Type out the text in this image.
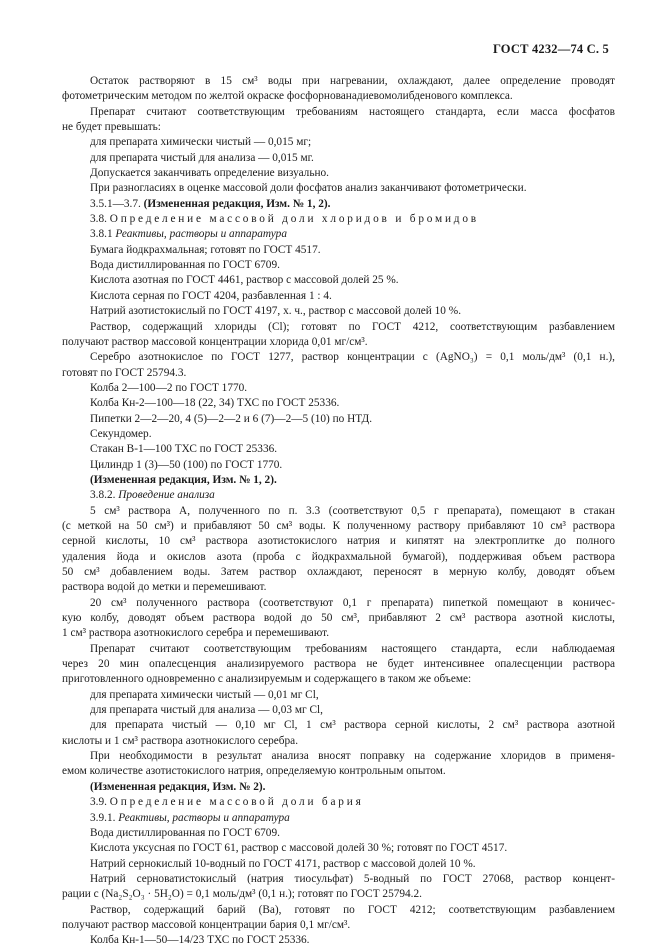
ГОСТ 4232—74 С. 5
Остаток растворяют в 15 см³ воды при нагревании, охлаждают, далее определение проводят
фотометрическим методом по желтой окраске фосфорнованадиевомолибденового комплекса.
Препарат считают соответствующим требованиям настоящего стандарта, если масса фосфатов
не будет превышать:
для препарата химически чистый — 0,015 мг;
для препарата чистый для анализа — 0,015 мг.
Допускается заканчивать определение визуально.
При разногласиях в оценке массовой доли фосфатов анализ заканчивают фотометрически.
3.5.1—3.7. (Измененная редакция, Изм. № 1, 2).
3.8. Определение массовой доли хлоридов и бромидов
3.8.1 Реактивы, растворы и аппаратура
Бумага йодкрахмальная; готовят по ГОСТ 4517.
Вода дистиллированная по ГОСТ 6709.
Кислота азотная по ГОСТ 4461, раствор с массовой долей 25 %.
Кислота серная по ГОСТ 4204, разбавленная 1 : 4.
Натрий азотистокислый по ГОСТ 4197, х. ч., раствор с массовой долей 10 %.
Раствор, содержащий хлориды (Cl); готовят по ГОСТ 4212, соответствующим разбавлением
получают раствор массовой концентрации хлорида 0,01 мг/см³.
Серебро азотнокислое по ГОСТ 1277, раствор концентрации с (AgNO₃) = 0,1 моль/дм³ (0,1 н.),
готовят по ГОСТ 25794.3.
Колба 2—100—2 по ГОСТ 1770.
Колба Кн-2—100—18 (22, 34) ТХС по ГОСТ 25336.
Пипетки 2—2—20, 4 (5)—2—2 и 6 (7)—2—5 (10) по НТД.
Секундомер.
Стакан В-1—100 ТХС по ГОСТ 25336.
Цилиндр 1 (3)—50 (100) по ГОСТ 1770.
(Измененная редакция, Изм. № 1, 2).
3.8.2. Проведение анализа
5 см³ раствора А, полученного по п. 3.3 (соответствуют 0,5 г препарата), помещают в стакан
(с меткой на 50 см³) и прибавляют 50 см³ воды. К полученному раствору прибавляют 10 см³ раствора
серной кислоты, 10 см³ раствора азотистокислого натрия и кипятят на электроплитке до полного
удаления йода и окислов азота (проба с йодкрахмальной бумагой), поддерживая объем раствора
50 см³ добавлением воды. Затем раствор охлаждают, переносят в мерную колбу, доводят объем
раствора водой до метки и перемешивают.
20 см³ полученного раствора (соответствуют 0,1 г препарата) пипеткой помещают в коничес-
кую колбу, доводят объем раствора водой до 50 см³, прибавляют 2 см³ раствора азотной кислоты,
1 см³ раствора азотнокислого серебра и перемешивают.
Препарат считают соответствующим требованиям настоящего стандарта, если наблюдаемая
через 20 мин опалесценция анализируемого раствора не будет интенсивнее опалесценции раствора
приготовленного одновременно с анализируемым и содержащего в таком же объеме:
для препарата химически чистый — 0,01 мг Cl,
для препарата чистый для анализа — 0,03 мг Cl,
для препарата чистый — 0,10 мг Cl, 1 см³ раствора серной кислоты, 2 см³ раствора азотной
кислоты и 1 см³ раствора азотнокислого серебра.
При необходимости в результат анализа вносят поправку на содержание хлоридов в применя-
емом количестве азотистокислого натрия, определяемую контрольным опытом.
(Измененная редакция, Изм. № 2).
3.9. Определение массовой доли бария
3.9.1. Реактивы, растворы и аппаратура
Вода дистиллированная по ГОСТ 6709.
Кислота уксусная по ГОСТ 61, раствор с массовой долей 30 %; готовят по ГОСТ 4517.
Натрий сернокислый 10-водный по ГОСТ 4171, раствор с массовой долей 10 %.
Натрий серноватистокислый (натрия тиосульфат) 5-водный по ГОСТ 27068, раствор концент-
рации с (Na₂S₂O₃ · 5H₂O) = 0,1 моль/дм³ (0,1 н.); готовят по ГОСТ 25794.2.
Раствор, содержащий барий (Ва), готовят по ГОСТ 4212; соответствующим разбавлением
получают раствор массовой концентрации бария 0,1 мг/см³.
Колба Кн-1—50—14/23 ТХС по ГОСТ 25336.
